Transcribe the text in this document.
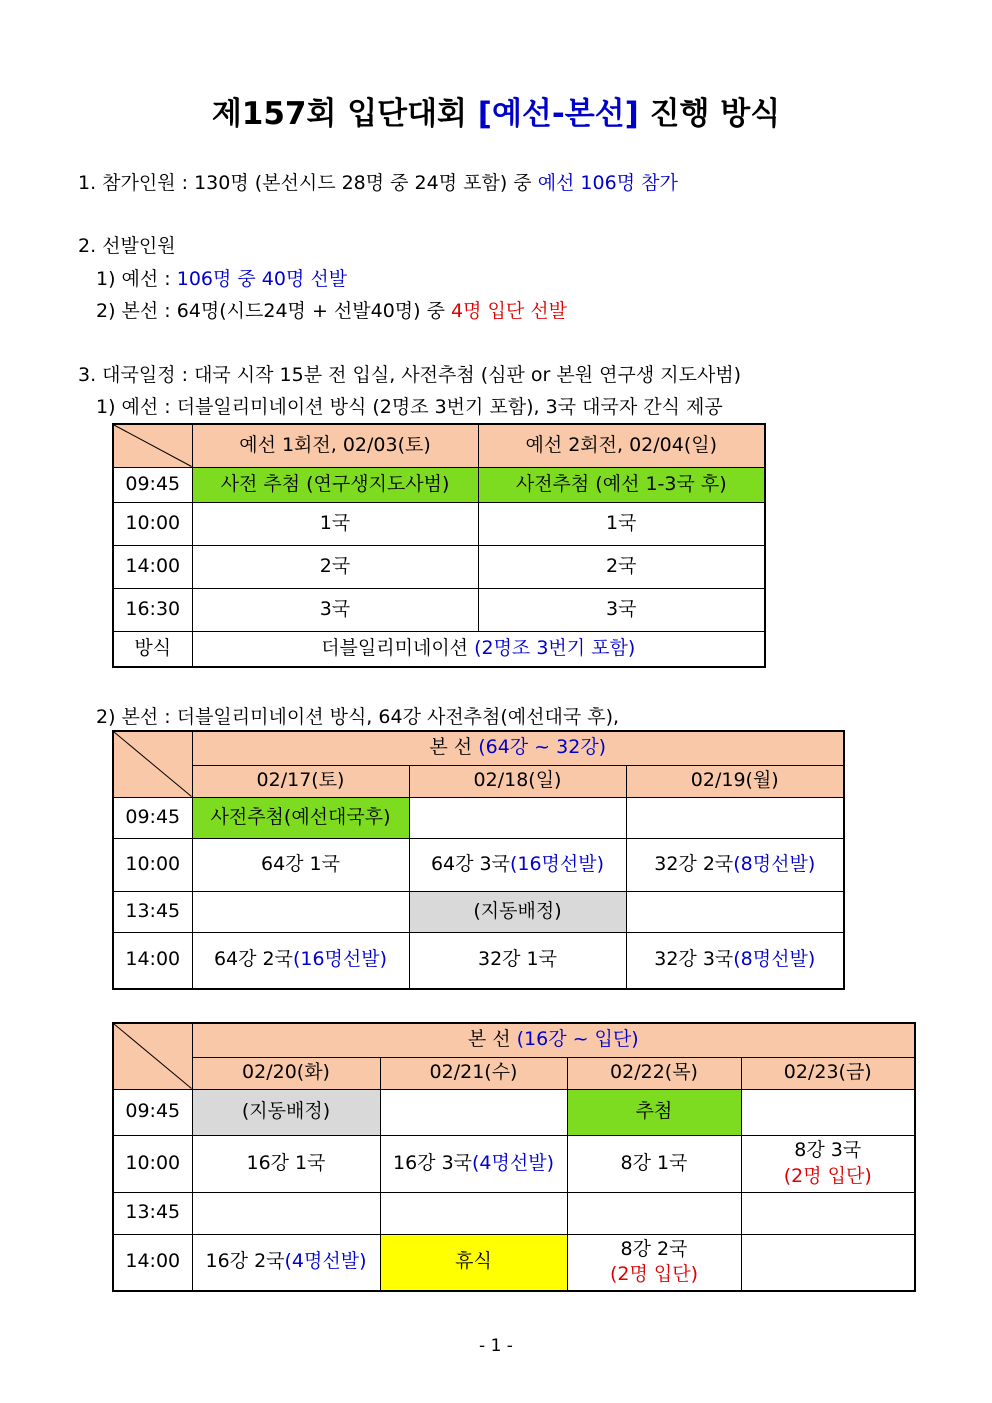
제157회 입단대회 [예선-본선] 진행 방식
1. 참가인원 : 130명 (본선시드 28명 중 24명 포함) 중 예선 106명 참가
2. 선발인원
1) 예선 : 106명 중 40명 선발
2) 본선 : 64명(시드24명 + 선발40명) 중 4명 입단 선발
3. 대국일정 : 대국 시작 15분 전 입실, 사전추첨 (심판 or 본원 연구생 지도사범)
1) 예선 : 더블일리미네이션 방식 (2명조 3번기 포함), 3국 대국자 간식 제공
	예선 1회전, 02/03(토)	예선 2회전, 02/04(일)
09:45	사전 추첨 (연구생지도사범)	사전추첨 (예선 1-3국 후)
10:00	1국	1국
14:00	2국	2국
16:30	3국	3국
방식	더블일리미네이션 (2명조 3번기 포함)	
2) 본선 : 더블일리미네이션 방식, 64강 사전추첨(예선대국 후),
	본 선 (64강 ~ 32강)		
	02/17(토)	02/18(일)	02/19(월)
09:45	사전추첨(예선대국후)		
10:00	64강 1국	64강 3국(16명선발)	32강 2국(8명선발)
13:45		(지동배정)	
14:00	64강 2국(16명선발)	32강 1국	32강 3국(8명선발)
	본 선 (16강 ~ 입단)			
	02/20(화)	02/21(수)	02/22(목)	02/23(금)
09:45	(지동배정)		추첨	
10:00	16강 1국	16강 3국(4명선발)	8강 1국	8강 3국
(2명 입단)

13:45				
14:00	16강 2국(4명선발)	휴식	8강 2국
(2명 입단)	

- 1 -
